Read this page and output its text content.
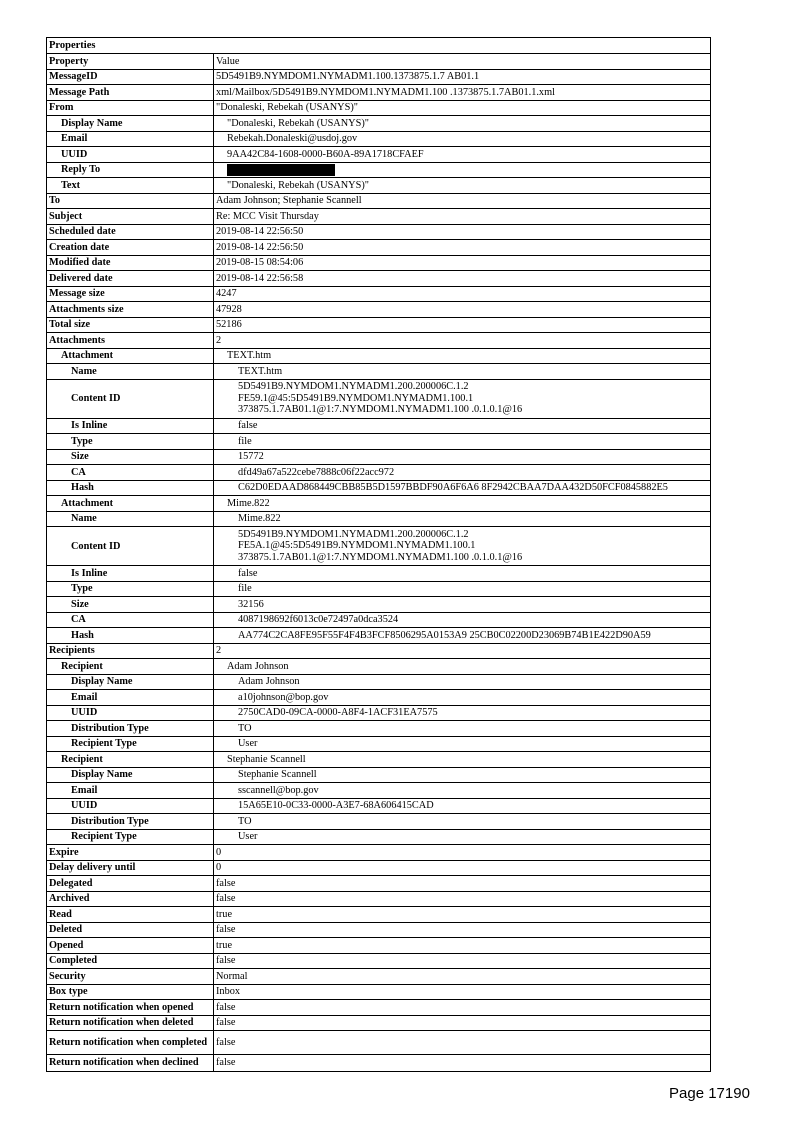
Properties
Property	Value
MessageID	5D5491B9.NYMDOM1.NYMADM1.100.1373875.1.7 AB01.1
Message Path	xml/Mailbox/5D5491B9.NYMDOM1.NYMADM1.100 .1373875.1.7AB01.1.xml
From	"Donaleski, Rebekah (USANYS)"
Display Name	"Donaleski, Rebekah (USANYS)"
Email	Rebekah.Donaleski@usdoj.gov
UUID	9AA42C84-1608-0000-B60A-89A1718CFAEF
Reply To
Text	"Donaleski, Rebekah (USANYS)"
To	Adam Johnson; Stephanie Scannell
Subject	Re: MCC Visit Thursday
Scheduled date	2019-08-14 22:56:50
Creation date	2019-08-14 22:56:50
Modified date	2019-08-15 08:54:06
Delivered date	2019-08-14 22:56:58
Message size	4247
Attachments size	47928
Total size	52186
Attachments	2
Attachment	TEXT.htm
Name	TEXT.htm
Content ID
5D5491B9.NYMDOM1.NYMADM1.200.200006C.1.2
FE59.1@45:5D5491B9.NYMDOM1.NYMADM1.100.1
373875.1.7AB01.1@1:7.NYMDOM1.NYMADM1.100 .0.1.0.1@16
Is Inline	false
Type	file
Size	15772
CA	dfd49a67a522cebe7888c06f22acc972
Hash	C62D0EDAAD868449CBB85B5D1597BBDF90A6F6A6 8F2942CBAA7DAA432D50FCF0845882E5
Attachment	Mime.822
Name	Mime.822
Content ID
5D5491B9.NYMDOM1.NYMADM1.200.200006C.1.2
FE5A.1@45:5D5491B9.NYMDOM1.NYMADM1.100.1
373875.1.7AB01.1@1:7.NYMDOM1.NYMADM1.100 .0.1.0.1@16
Is Inline	false
Type	file
Size	32156
CA	4087198692f6013c0e72497a0dca3524
Hash	AA774C2CA8FE95F55F4F4B3FCF8506295A0153A9 25CB0C02200D23069B74B1E422D90A59
Recipients	2
Recipient	Adam Johnson
Display Name	Adam Johnson
Email	a10johnson@bop.gov
UUID	2750CAD0-09CA-0000-A8F4-1ACF31EA7575
Distribution Type	TO
Recipient Type	User
Recipient	Stephanie Scannell
Display Name	Stephanie Scannell
Email	sscannell@bop.gov
UUID	15A65E10-0C33-0000-A3E7-68A606415CAD
Distribution Type	TO
Recipient Type	User
Expire	0
Delay delivery until	0
Delegated	false
Archived	false
Read	true
Deleted	false
Opened	true
Completed	false
Security	Normal
Box type	Inbox
Return notification when opened	false
Return notification when deleted	false
Return notification when completed false
Return notification when declined	false
Page 17190
